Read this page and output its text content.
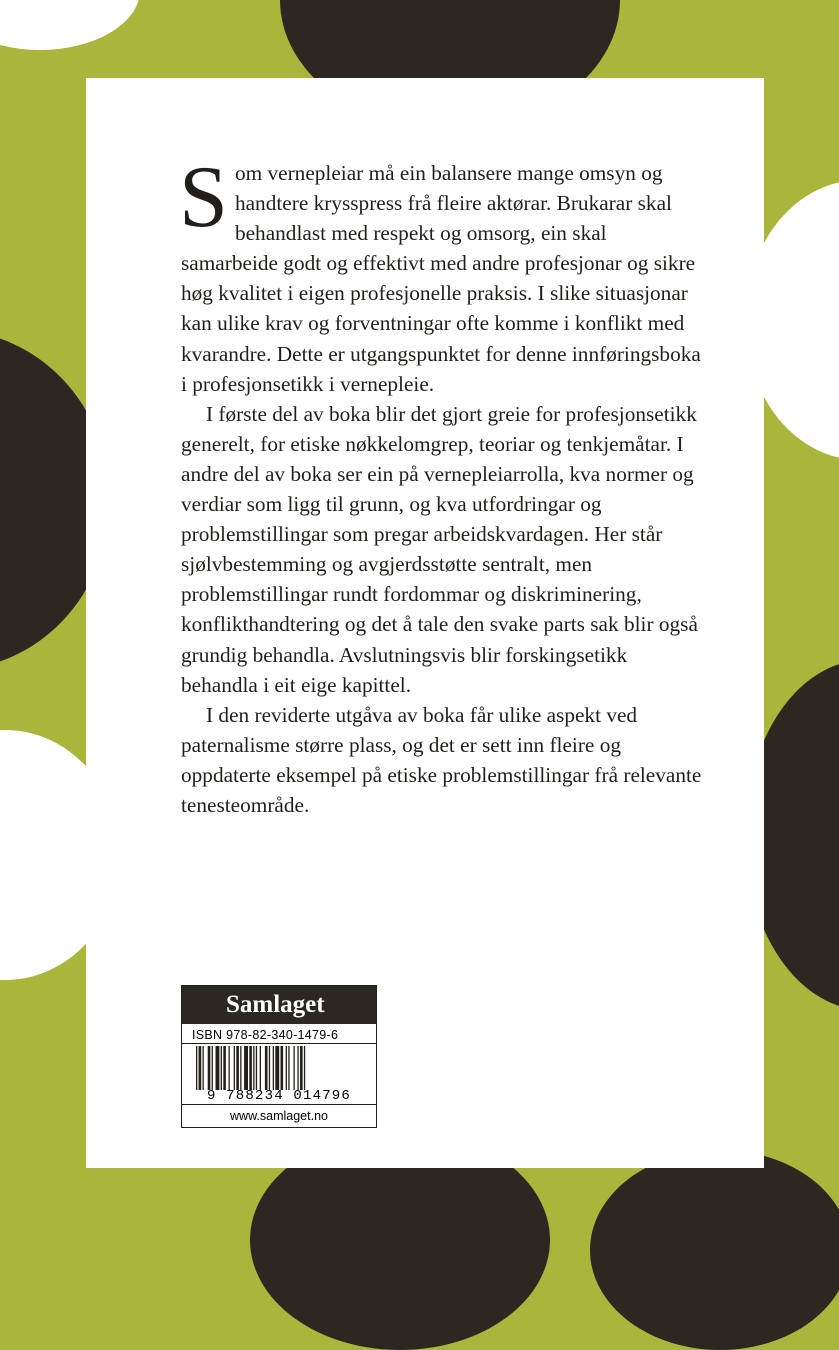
Som vernepleiar må ein balansere mange omsyn og handtere krysspress frå fleire aktørar. Brukarar skal behandlast med respekt og omsorg, ein skal samarbeide godt og effektivt med andre profesjonar og sikre høg kvalitet i eigen profesjonelle praksis. I slike situasjonar kan ulike krav og forventningar ofte komme i konflikt med kvarandre. Dette er utgangspunktet for denne innføringsboka i profesjonsetikk i vernepleie.

I første del av boka blir det gjort greie for profesjonsetikk generelt, for etiske nøkkelomgrep, teoriar og tenkjemåtar. I andre del av boka ser ein på vernepleiarrolla, kva normer og verdiar som ligg til grunn, og kva utfordringar og problemstillingar som pregar arbeidskvardagen. Her står sjølvbestemming og avgjerdsstøtte sentralt, men problemstillingar rundt fordommar og diskriminering, konflikthandtering og det å tale den svake parts sak blir også grundig behandla. Avslutningsvis blir forskingsetikk behandla i eit eige kapittel.

I den reviderte utgåva av boka får ulike aspekt ved paternalisme større plass, og det er sett inn fleire og oppdaterte eksempel på etiske problemstillingar frå relevante tenesteområde.

Samlaget
ISBN 978-82-340-1479-6
9 788234 014796
www.samlaget.no
